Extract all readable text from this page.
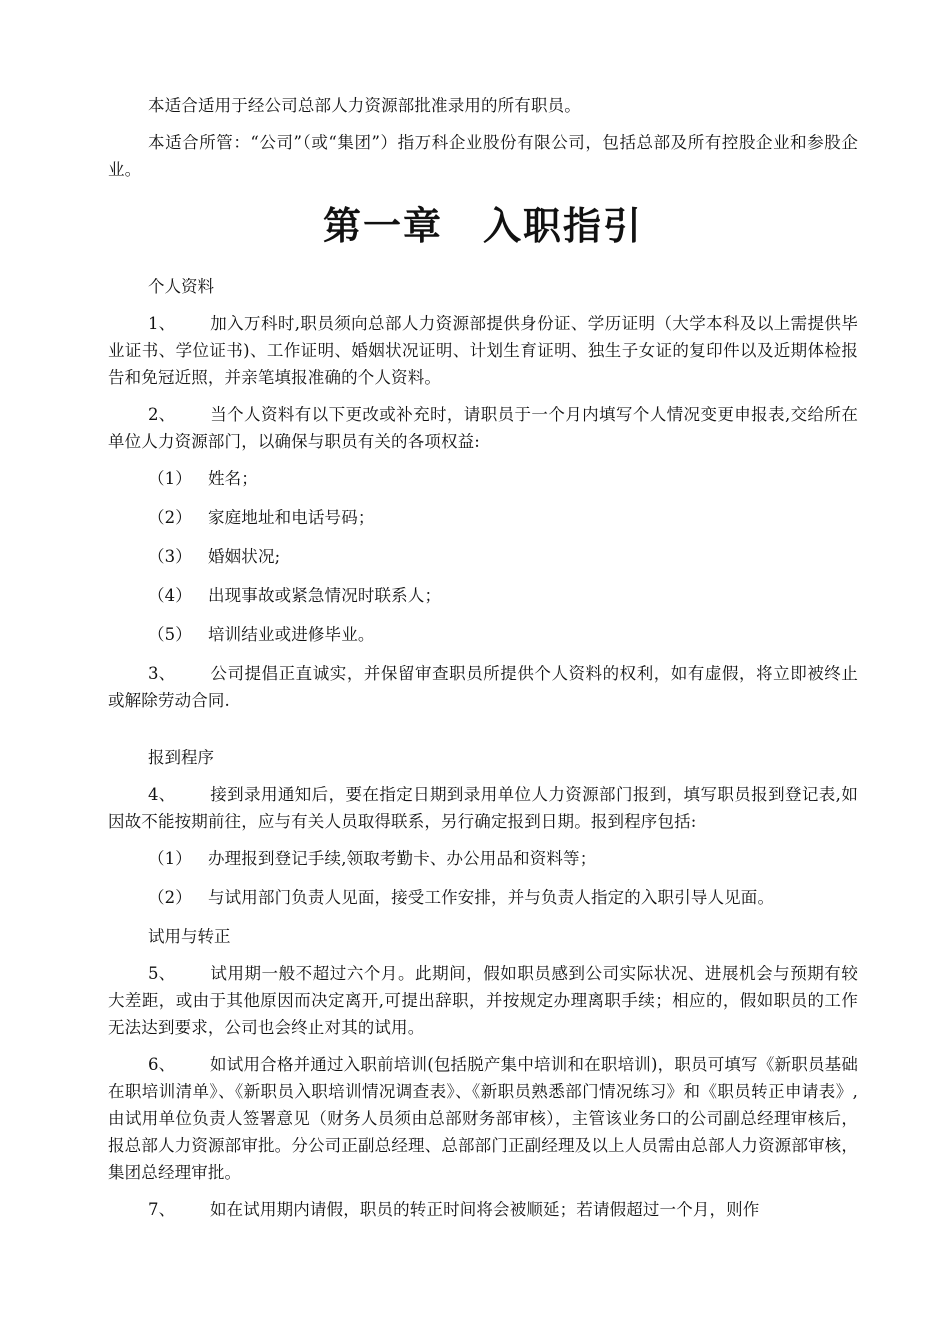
本适合适用于经公司总部人力资源部批准录用的所有职员。

本适合所管：“公司”（或“集团”）指万科企业股份有限公司，包括总部及所有控股企业和参股企业。

第一章　入职指引
个人资料

1、 加入万科时,职员须向总部人力资源部提供身份证、学历证明（大学本科及以上需提供毕业证书、学位证书)、工作证明、婚姻状况证明、计划生育证明、独生子女证的复印件以及近期体检报告和免冠近照，并亲笔填报准确的个人资料。

2、 当个人资料有以下更改或补充时，请职员于一个月内填写个人情况变更申报表,交给所在单位人力资源部门，以确保与职员有关的各项权益:

（1） 姓名；
（2） 家庭地址和电话号码；
（3） 婚姻状况;
（4） 出现事故或紧急情况时联系人；
（5） 培训结业或进修毕业。

3、 公司提倡正直诚实，并保留审查职员所提供个人资料的权利，如有虚假，将立即被终止或解除劳动合同.

报到程序

4、 接到录用通知后，要在指定日期到录用单位人力资源部门报到，填写职员报到登记表,如因故不能按期前往，应与有关人员取得联系，另行确定报到日期。报到程序包括:

（1） 办理报到登记手续,领取考勤卡、办公用品和资料等；
（2） 与试用部门负责人见面，接受工作安排，并与负责人指定的入职引导人见面。
试用与转正

5、 试用期一般不超过六个月。此期间，假如职员感到公司实际状况、进展机会与预期有较大差距，或由于其他原因而决定离开,可提出辞职，并按规定办理离职手续；相应的，假如职员的工作无法达到要求，公司也会终止对其的试用。

6、 如试用合格并通过入职前培训(包括脱产集中培训和在职培训)，职员可填写《新职员基础在职培训清单》、《新职员入职培训情况调查表》、《新职员熟悉部门情况练习》和《职员转正申请表》,由试用单位负责人签署意见（财务人员须由总部财务部审核），主管该业务口的公司副总经理审核后，报总部人力资源部审批。分公司正副总经理、总部部门正副经理及以上人员需由总部人力资源部审核，集团总经理审批。

7、 如在试用期内请假，职员的转正时间将会被顺延；若请假超过一个月，则作
